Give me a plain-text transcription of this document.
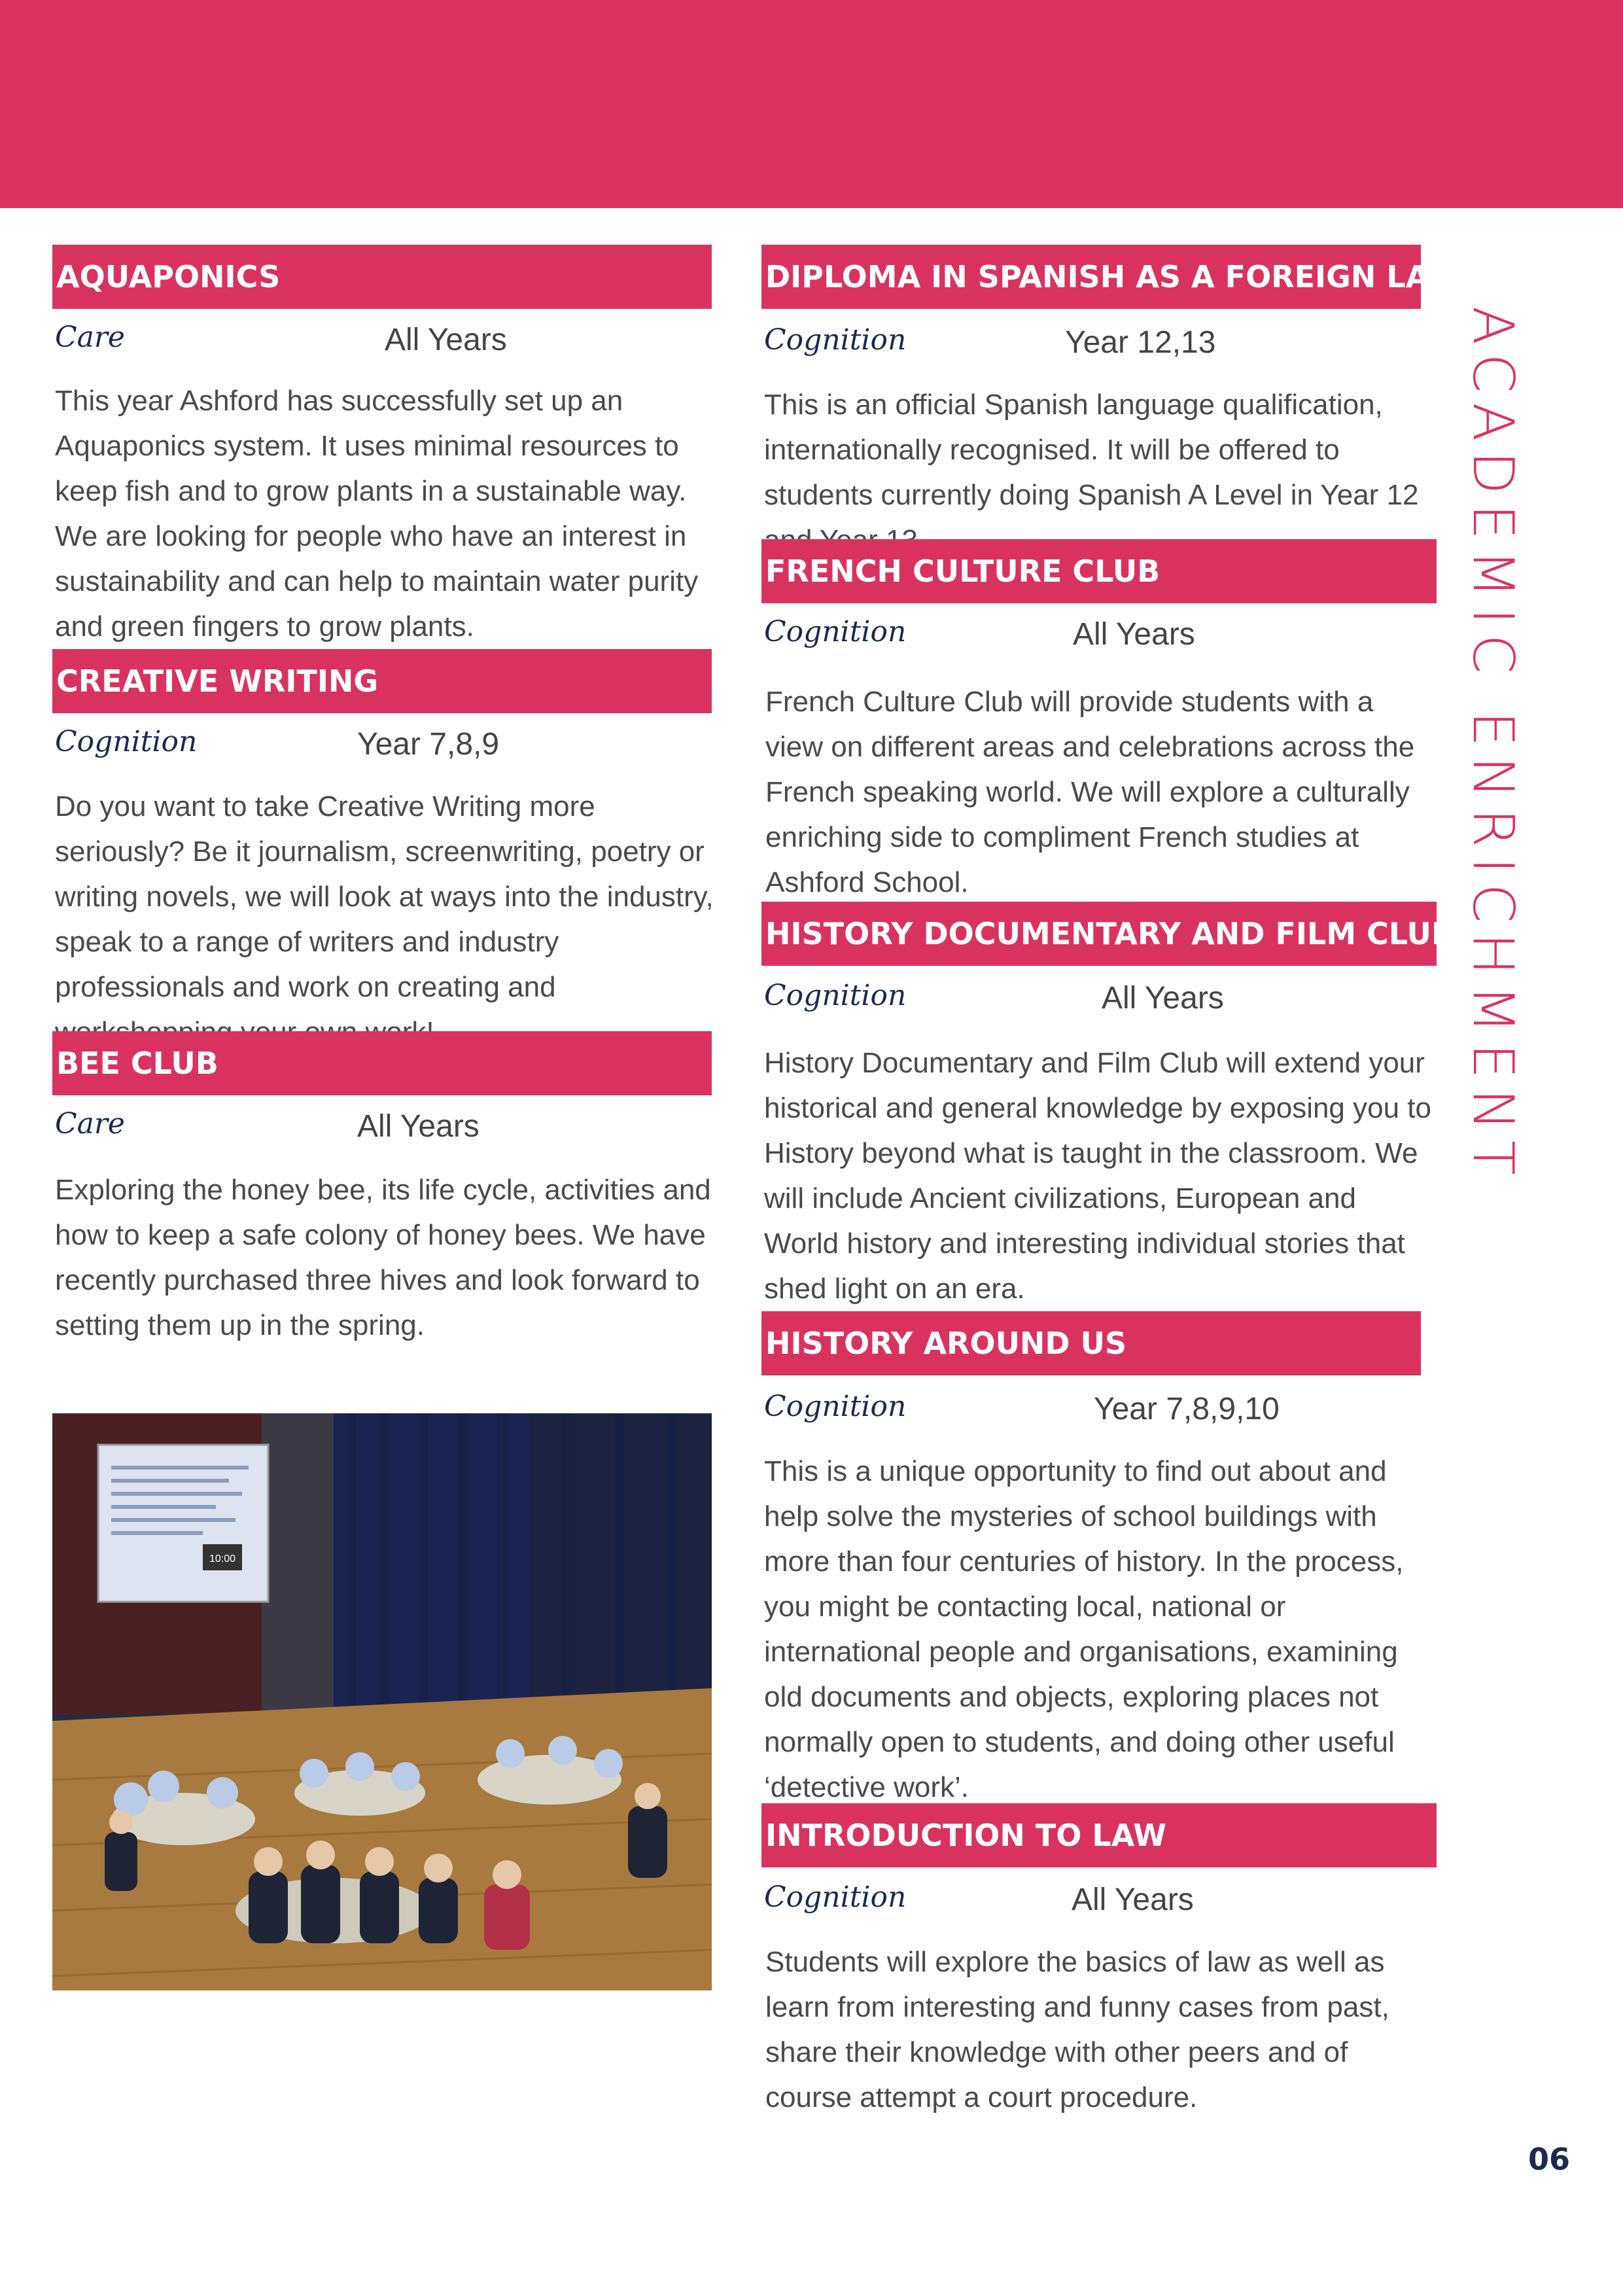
ACADEMIC ENRICHMENT
AQUAPONICS
Care	All Years

This year Ashford has successfully set up an Aquaponics system. It uses minimal resources to keep fish and to grow plants in a sustainable way. We are looking for people who have an interest in sustainability and can help to maintain water purity and green fingers to grow plants.

CREATIVE WRITING
Cognition	Year 7,8,9

Do you want to take Creative Writing more seriously? Be it journalism, screenwriting, poetry or writing novels, we will look at ways into the industry, speak to a range of writers and industry professionals and work on creating and

BEE CLUB
Care	All Years

Exploring the honey bee, its life cycle, activities and how to keep a safe colony of honey bees. We have recently purchased three hives and look forward to setting them up in the spring.

10:00
DIPLOMA IN SPANISH AS A FOREIGN LANGUAGE
Cognition	Year 12,13

This is an official Spanish language qualification, internationally recognised. It will be offered to students currently doing Spanish A Level in Year 12

FRENCH CULTURE CLUB
Cognition	All Years

French Culture Club will provide students with a view on different areas and celebrations across the French speaking world. We will explore a culturally enriching side to compliment French studies at Ashford School.

HISTORY DOCUMENTARY AND FILM CLUB
Cognition	All Years

History Documentary and Film Club will extend your historical and general knowledge by exposing you to History beyond what is taught in the classroom. We will include Ancient civilizations, European and World history and interesting individual stories that shed light on an era.

HISTORY AROUND US
Cognition	Year 7,8,9,10

This is a unique opportunity to find out about and help solve the mysteries of school buildings with more than four centuries of history. In the process, you might be contacting local, national or international people and organisations, examining old documents and objects, exploring places not normally open to students, and doing other useful ‘detective work’.

INTRODUCTION TO LAW
Cognition	All Years

Students will explore the basics of law as well as learn from interesting and funny cases from past, share their knowledge with other peers and of course attempt a court procedure.

06
